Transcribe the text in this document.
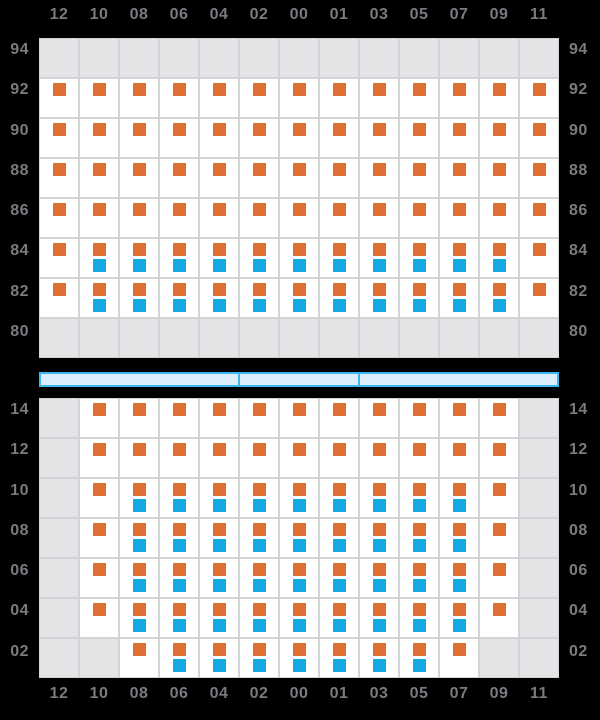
12	10	08	06	04	02	00	01	03	05	07	09	11
94
92
90
88
86
84
82
80
94
92
90
88
86
84
82
80
14
12
10
08
06
04
02
14
12
10
08
06
04
02
12	10	08	06	04	02	00	01	03	05	07	09	11
